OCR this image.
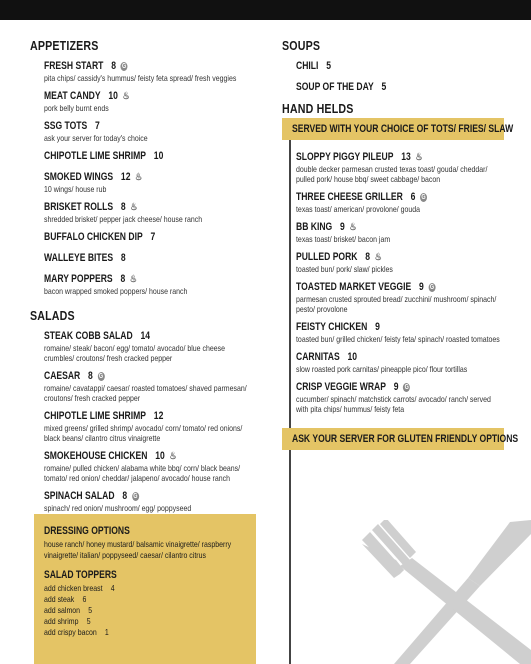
APPETIZERS
FRESH START 8 G
pita chips/ cassidy's hummus/ feisty feta spread/ fresh veggies
MEAT CANDY 10 ♨
pork belly burnt ends
SSG TOTS 7
ask your server for today's choice
CHIPOTLE LIME SHRIMP 10
SMOKED WINGS 12 ♨
10 wings/ house rub
BRISKET ROLLS 8 ♨
shredded brisket/ pepper jack cheese/ house ranch
BUFFALO CHICKEN DIP 7
WALLEYE BITES 8
MARY POPPERS 8 ♨
bacon wrapped smoked poppers/ house ranch
SALADS
STEAK COBB SALAD 14
romaine/ steak/ bacon/ egg/ tomato/ avocado/ blue cheese crumbles/ croutons/ fresh cracked pepper
CAESAR 8 G
romaine/ cavatappi/ caesar/ roasted tomatoes/ shaved parmesan/ croutons/ fresh cracked pepper
CHIPOTLE LIME SHRIMP 12
mixed greens/ grilled shrimp/ avocado/ corn/ tomato/ red onions/ black beans/ cilantro citrus vinaigrette
SMOKEHOUSE CHICKEN 10 ♨
romaine/ pulled chicken/ alabama white bbq/ corn/ black beans/ tomato/ red onion/ cheddar/ jalapeno/ avocado/ house ranch
SPINACH SALAD 8 G
spinach/ red onion/ mushroom/ egg/ poppyseed
DRESSING OPTIONS
house ranch/ honey mustard/ balsamic vinaigrette/ raspberry vinaigrette/ italian/ poppyseed/ caesar/ cilantro citrus
SALAD TOPPERS
add chicken breast 4
add steak 6
add salmon 5
add shrimp 5
add crispy bacon 1
SOUPS
CHILI 5
SOUP OF THE DAY 5
HAND HELDS
SERVED WITH YOUR CHOICE OF TOTS/ FRIES/ SLAW
SLOPPY PIGGY PILEUP 13 ♨
double decker parmesan crusted texas toast/ gouda/ cheddar/ pulled pork/ house bbq/ sweet cabbage/ bacon
THREE CHEESE GRILLER 6 G
texas toast/ american/ provolone/ gouda
BB KING 9 ♨
texas toast/ brisket/ bacon jam
PULLED PORK 8 ♨
toasted bun/ pork/ slaw/ pickles
TOASTED MARKET VEGGIE 9 G
parmesan crusted sprouted bread/ zucchini/ mushroom/ spinach/ pesto/ provolone
FEISTY CHICKEN 9
toasted bun/ grilled chicken/ feisty feta/ spinach/ roasted tomatoes
CARNITAS 10
slow roasted pork carnitas/ pineapple pico/ flour tortillas
CRISP VEGGIE WRAP 9 G
cucumber/ spinach/ matchstick carrots/ avocado/ ranch/ served with pita chips/ hummus/ feisty feta
ASK YOUR SERVER FOR GLUTEN FRIENDLY OPTIONS
